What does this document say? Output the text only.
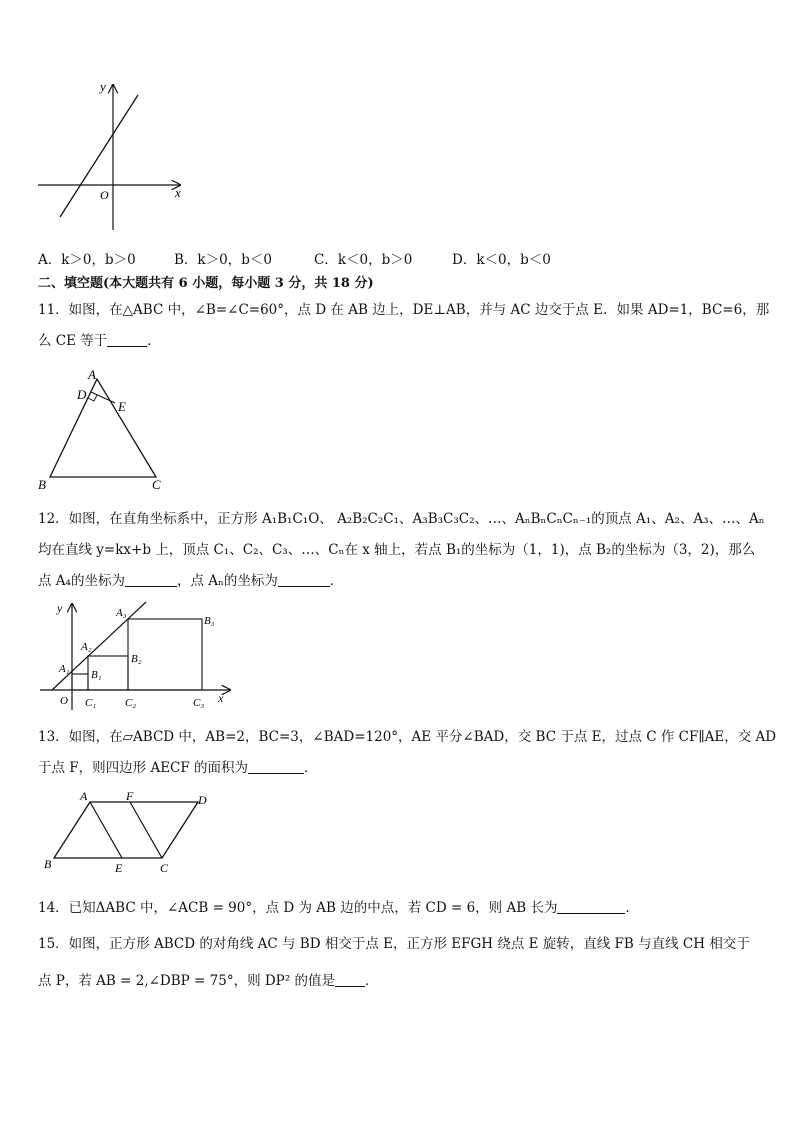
y
x
O
A．k＞0，b＞0	B．k＞0，b＜0	C．k＜0，b＞0	D．k＜0，b＜0
二、填空题(本大题共有 6 小题，每小题 3 分，共 18 分)
11．如图，在△ABC 中，∠B=∠C=60°，点 D 在 AB 边上，DE⊥AB，并与 AC 边交于点 E．如果 AD=1，BC=6，那
么 CE 等于	．
A
D
E
B	C
12．如图，在直角坐标系中，正方形 A₁B₁C₁O、 A₂B₂C₂C₁、A₃B₃C₃C₂、…、AₙBₙCₙCₙ₋₁的顶点 A₁、A₂、A₃、…、Aₙ
均在直线 y=kx+b 上，顶点 C₁、C₂、C₃、…、Cₙ在 x 轴上，若点 B₁的坐标为（1，1)，点 B₂的坐标为（3，2)，那么
点 A₄的坐标为	，点 Aₙ的坐标为	．
y
x
O
A₁ B₁
A₂
B₂
A₃
B₃
C₁	C₂	C₃
13．如图，在▱ABCD 中，AB=2，BC=3，∠BAD=120°，AE 平分∠BAD，交 BC 于点 E，过点 C 作 CF∥AE，交 AD
于点 F，则四边形 AECF 的面积为	．
A	F	D
B	E	C
14．已知ΔABC 中，∠ACB = 90°，点 D 为 AB 边的中点，若 CD = 6，则 AB 长为	．
15．如图，正方形 ABCD 的对角线 AC 与 BD 相交于点 E，正方形 EFGH 绕点 E 旋转，直线 FB 与直线 CH 相交于
点 P，若 AB = 2,∠DBP = 75°，则 DP² 的值是 ．
